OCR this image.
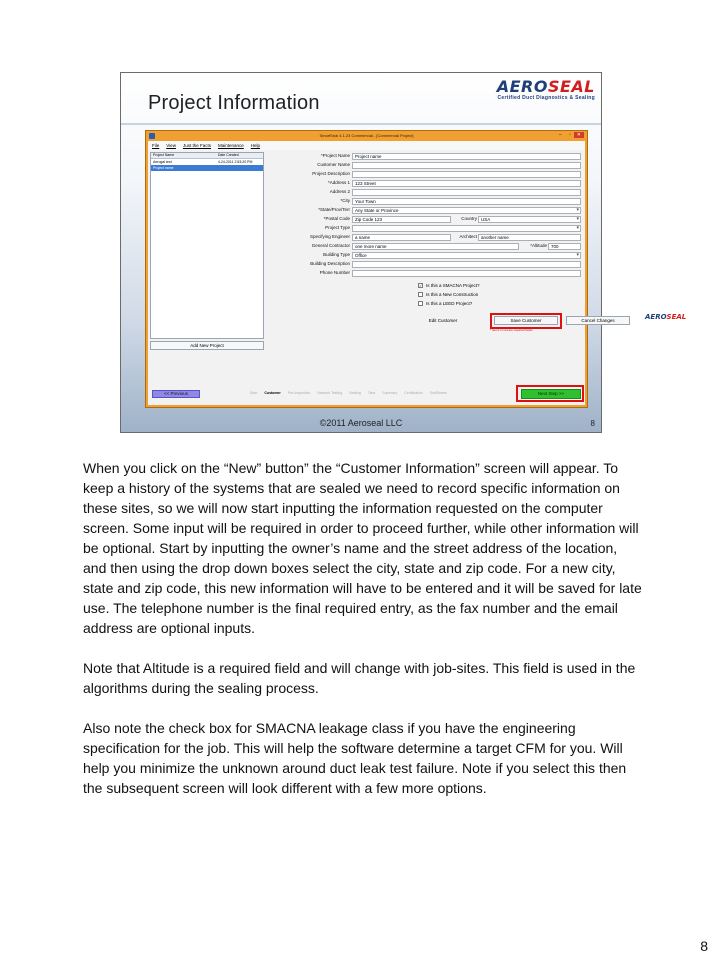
AEROSEAL
Certified Duct Diagnostics & Sealing
Project Information
SmartSeal 4.1.23 Commercial - [Commercial Project]	– ▫ ✕
File View Just the Facts Maintenance Help
Project Name	Date Created
Aerogal test	4-24-2011 2:53:20 PM
Project name
Add New Project
*Project Name	Project name
Customer Name
Project Description
*Address 1	123 Street
Address 2
*City	Your Town
*State/Prov/Terr	Any State or Province ▾
*Postal Code	Zip Code 123	Country USA ▾
Project Type
▾
Specifying Engineer	a name	Architect another name
General Contractor	one more name	*Altitude 700
Building Type	Office ▾
Building Description
Phone Number
✓ Is this a SMACNA Project?
Is this a New Construction
Is this a LEED Project?
Edit Customer	Save Customer
* Items in red are required fields
Cancel Changes	AEROSEAL
<< Previous	Start Customer Pre-Inspection Network Testing Sealing Tabs Summary Certification SubSheets	Next Step >>
©2011 Aeroseal LLC	8

When you click on the “New” button” the “Customer Information” screen will appear. To keep a history of the systems that are sealed we need to record specific information on these sites, so we will now start inputting the information requested on the computer screen. Some input will be required in order to proceed further, while other information will be optional. Start by inputting the owner’s name and the street address of the location, and then using the drop down boxes select the city, state and zip code. For a new city, state and zip code, this new information will have to be entered and it will be saved for late use. The telephone number is the final required entry, as the fax number and the email address are optional inputs.

Note that Altitude is a required field and will change with job-sites. This field is used in the algorithms during the sealing process.

Also note the check box for SMACNA leakage class if you have the engineering specification for the job. This will help the software determine a target CFM for you. Will help you minimize the unknown around duct leak test failure. Note if you select this then the subsequent screen will look different with a few more options.

8
